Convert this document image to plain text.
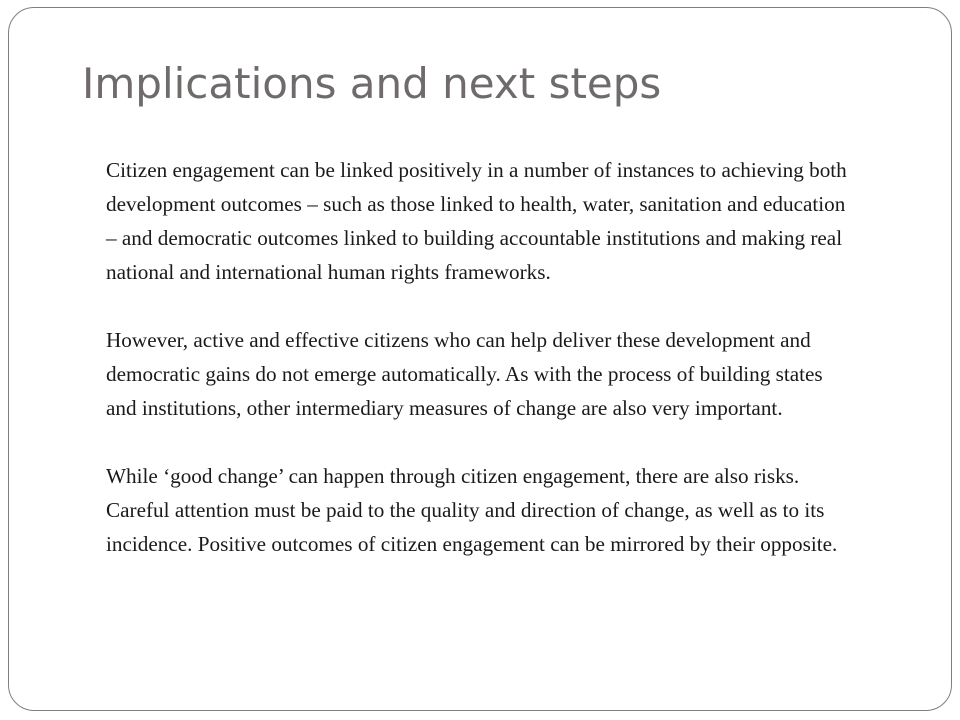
Implications and next steps

Citizen engagement can be linked positively in a number of instances to achieving both development outcomes – such as those linked to health, water, sanitation and education – and democratic outcomes linked to building accountable institutions and making real national and international human rights frameworks.

However, active and effective citizens who can help deliver these development and democratic gains do not emerge automatically. As with the process of building states and institutions, other intermediary measures of change are also very important.

While ‘good change’ can happen through citizen engagement, there are also risks. Careful attention must be paid to the quality and direction of change, as well as to its incidence. Positive outcomes of citizen engagement can be mirrored by their opposite.
